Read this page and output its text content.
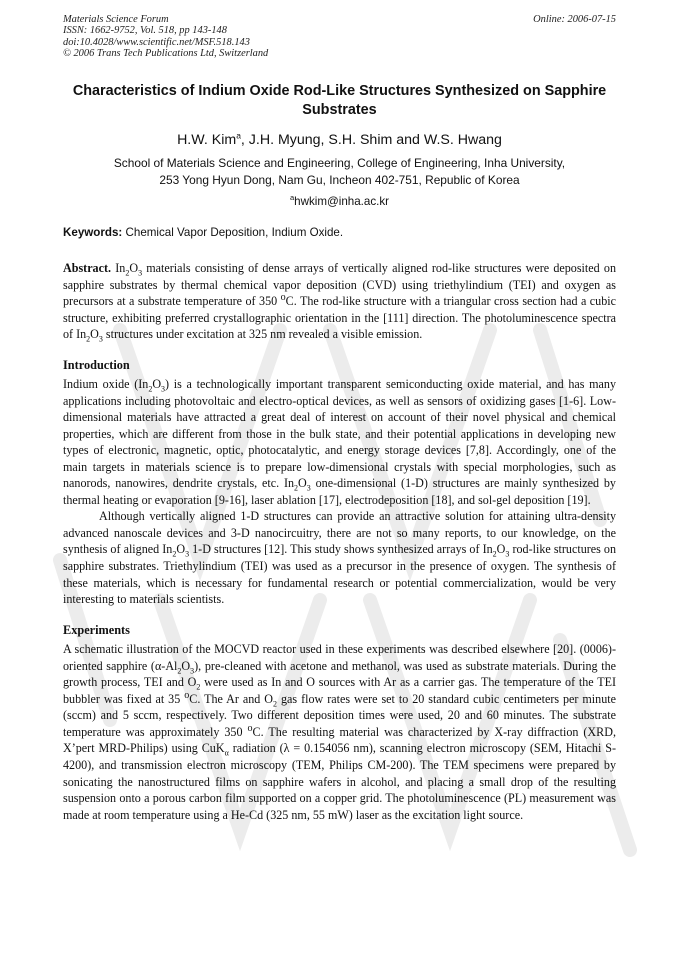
Materials Science Forum
ISSN: 1662-9752, Vol. 518, pp 143-148
doi:10.4028/www.scientific.net/MSF.518.143
© 2006 Trans Tech Publications Ltd, Switzerland
Online: 2006-07-15
Characteristics of Indium Oxide Rod-Like Structures Synthesized on Sapphire Substrates
H.W. Kim$^a$, J.H. Myung, S.H. Shim and W.S. Hwang
School of Materials Science and Engineering, College of Engineering, Inha University,
253 Yong Hyun Dong, Nam Gu, Incheon 402-751, Republic of Korea
$^a$hwkim@inha.ac.kr
Keywords: Chemical Vapor Deposition, Indium Oxide.
Abstract. $In_2O_3$ materials consisting of dense arrays of vertically aligned rod-like structures were deposited on sapphire substrates by thermal chemical vapor deposition (CVD) using triethylindium (TEI) and oxygen as precursors at a substrate temperature of 350 $^o$C. The rod-like structure with a triangular cross section had a cubic structure, exhibiting preferred crystallographic orientation in the [111] direction. The photoluminescence spectra of $In_2O_3$ structures under excitation at 325 nm revealed a visible emission.
Introduction
Indium oxide $(In_2O_3)$ is a technologically important transparent semiconducting oxide material, and has many applications including photovoltaic and electro-optical devices, as well as sensors of oxidizing gases [1-6]. Low-dimensional materials have attracted a great deal of interest on account of their novel physical and chemical properties, which are different from those in the bulk state, and their potential applications in developing new types of electronic, magnetic, optic, photocatalytic, and energy storage devices [7,8]. Accordingly, one of the main targets in materials science is to prepare low-dimensional crystals with special morphologies, such as nanorods, nanowires, dendrite crystals, etc. $In_2O_3$ one-dimensional (1-D) structures are mainly synthesized by thermal heating or evaporation [9-16], laser ablation [17], electrodeposition [18], and sol-gel deposition [19].
Although vertically aligned 1-D structures can provide an attractive solution for attaining ultra-density advanced nanoscale devices and 3-D nanocircuitry, there are not so many reports, to our knowledge, on the synthesis of aligned $In_2O_3$ 1-D structures [12]. This study shows synthesized arrays of $In_2O_3$ rod-like structures on sapphire substrates. Triethylindium (TEI) was used as a precursor in the presence of oxygen. The synthesis of these materials, which is necessary for fundamental research or potential commercialization, would be very interesting to materials scientists.
Experiments
A schematic illustration of the MOCVD reactor used in these experiments was described elsewhere [20]. (0006)-oriented sapphire $(\alpha-Al_2O_3)$, pre-cleaned with acetone and methanol, was used as substrate materials. During the growth process, TEI and $O_2$ were used as In and O sources with Ar as a carrier gas. The temperature of the TEI bubbler was fixed at 35 $^o$C. The Ar and $O_2$ gas flow rates were set to 20 standard cubic centimeters per minute (sccm) and 5 sccm, respectively. Two different deposition times were used, 20 and 60 minutes. The substrate temperature was approximately 350 $^o$C. The resulting material was characterized by X-ray diffraction (XRD, X’pert MRD-Philips) using CuK$_\alpha$ radiation (λ = 0.154056 nm), scanning electron microscopy (SEM, Hitachi S-4200), and transmission electron microscopy (TEM, Philips CM-200). The TEM specimens were prepared by sonicating the nanostructured films on sapphire wafers in alcohol, and placing a small drop of the resulting suspension onto a porous carbon film supported on a copper grid. The photoluminescence (PL) measurement was made at room temperature using a He-Cd (325 nm, 55 mW) laser as the excitation light source.
